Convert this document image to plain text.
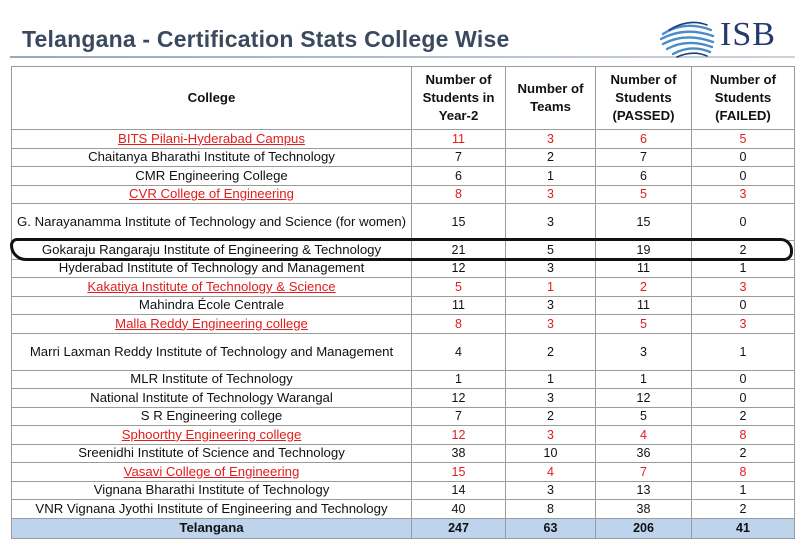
Telangana - Certification Stats College Wise	ISB
College	Number of Students in Year-2	Number of Teams	Number of Students (PASSED)	Number of Students (FAILED)
BITS Pilani-Hyderabad Campus	11	3	6	5
Chaitanya Bharathi Institute of Technology	7	2	7	0
CMR Engineering College	6	1	6	0
CVR College of Engineering	8	3	5	3
G. Narayanamma Institute of Technology and Science (for women)	15	3	15	0
Gokaraju Rangaraju Institute of Engineering & Technology	21	5	19	2
Hyderabad Institute of Technology and Management	12	3	11	1
Kakatiya Institute of Technology & Science	5	1	2	3
Mahindra École Centrale	11	3	11	0
Malla Reddy Engineering college	8	3	5	3
Marri Laxman Reddy Institute of Technology and Management	4	2	3	1
MLR Institute of Technology	1	1	1	0
National Institute of Technology Warangal	12	3	12	0
S R Engineering college	7	2	5	2
Sphoorthy Engineering college	12	3	4	8
Sreenidhi Institute of Science and Technology	38	10	36	2
Vasavi College of Engineering	15	4	7	8
Vignana Bharathi Institute of Technology	14	3	13	1
VNR Vignana Jyothi Institute of Engineering and Technology	40	8	38	2
Telangana	247	63	206	41
